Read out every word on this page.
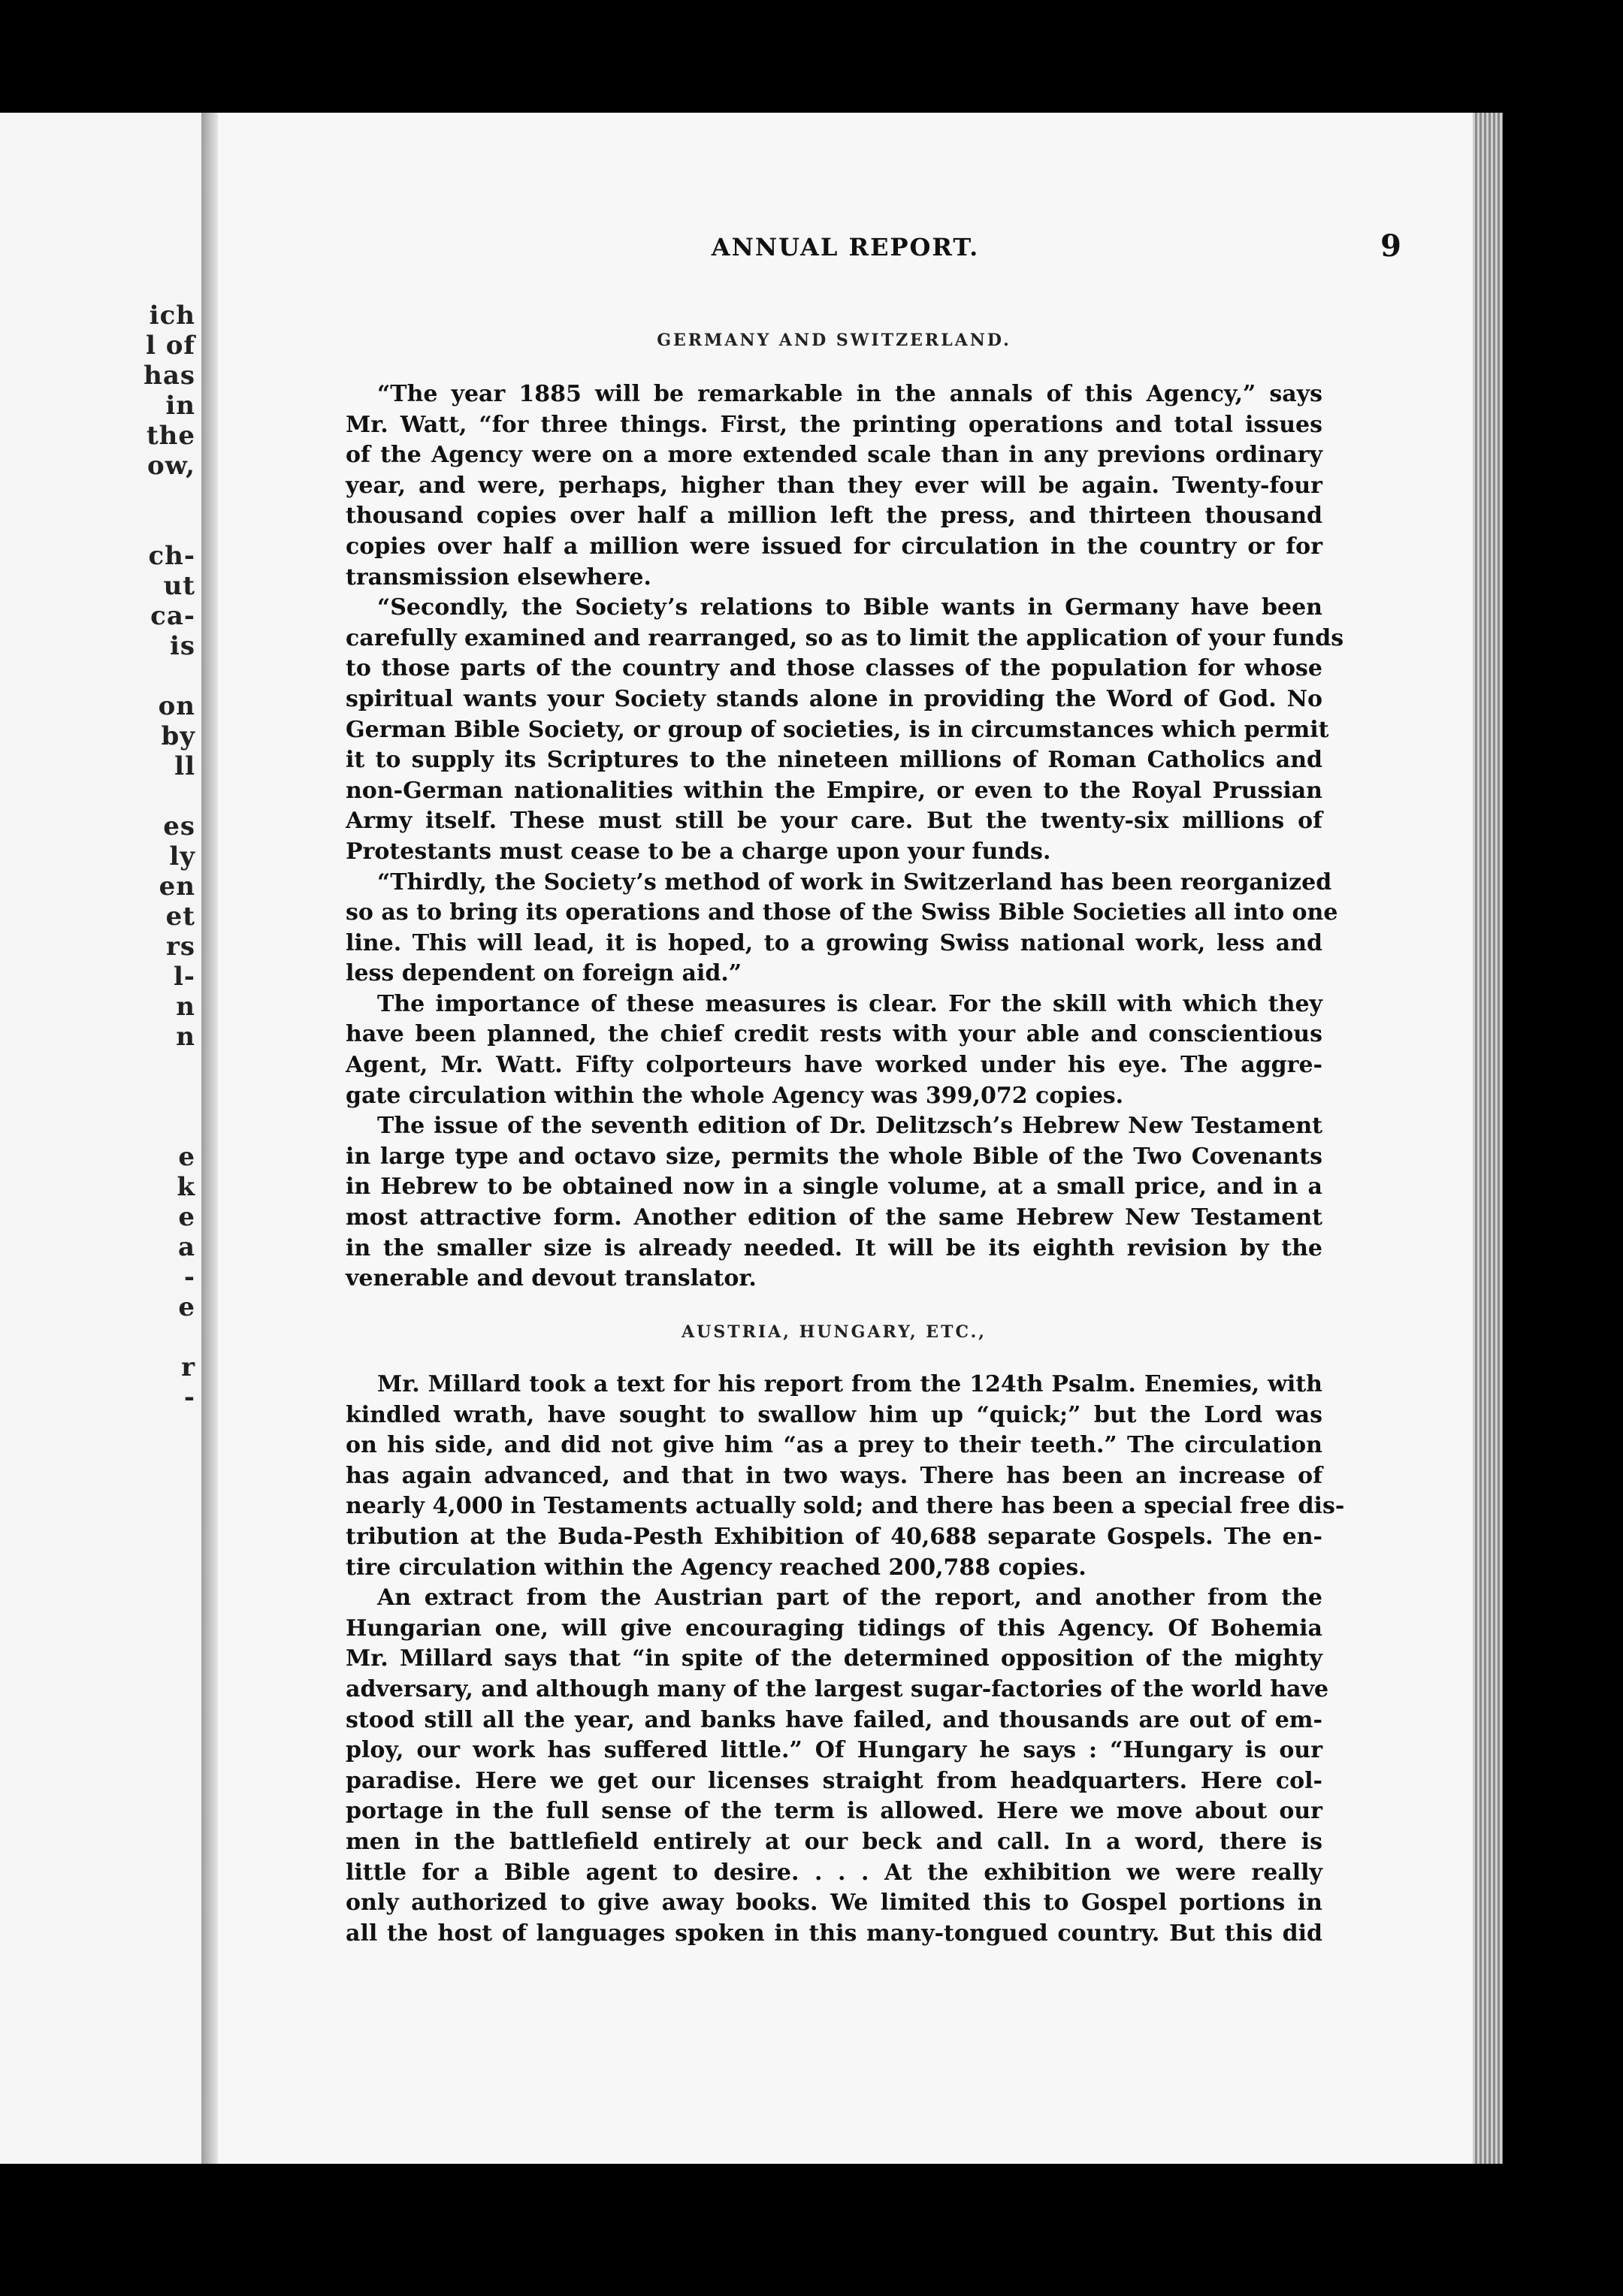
ich
l of
has
in
the
ow,
ch-
ut
ca-
is
on
by
ll
es
ly
en
et
rs
l-
n
n
e
k
e
a
-
e
r
-
ANNUAL REPORT.	9
GERMANY AND SWITZERLAND.
“The year 1885 will be remarkable in the annals of this Agency,” says
Mr. Watt, “for three things. First, the printing operations and total issues
of the Agency were on a more extended scale than in any previons ordinary
year, and were, perhaps, higher than they ever will be again. Twenty-four
thousand copies over half a million left the press, and thirteen thousand
copies over half a million were issued for circulation in the country or for
transmission elsewhere.
“Secondly, the Society’s relations to Bible wants in Germany have been
carefully examined and rearranged, so as to limit the application of your funds
to those parts of the country and those classes of the population for whose
spiritual wants your Society stands alone in providing the Word of God. No
German Bible Society, or group of societies, is in circumstances which permit
it to supply its Scriptures to the nineteen millions of Roman Catholics and
non-German nationalities within the Empire, or even to the Royal Prussian
Army itself. These must still be your care. But the twenty-six millions of
Protestants must cease to be a charge upon your funds.
“Thirdly, the Society’s method of work in Switzerland has been reorganized
so as to bring its operations and those of the Swiss Bible Societies all into one
line. This will lead, it is hoped, to a growing Swiss national work, less and
less dependent on foreign aid.”
The importance of these measures is clear. For the skill with which they
have been planned, the chief credit rests with your able and conscientious
Agent, Mr. Watt. Fifty colporteurs have worked under his eye. The aggre-
gate circulation within the whole Agency was 399,072 copies.
The issue of the seventh edition of Dr. Delitzsch’s Hebrew New Testament
in large type and octavo size, permits the whole Bible of the Two Covenants
in Hebrew to be obtained now in a single volume, at a small price, and in a
most attractive form. Another edition of the same Hebrew New Testament
in the smaller size is already needed. It will be its eighth revision by the
venerable and devout translator.
AUSTRIA, HUNGARY, ETC.,
Mr. Millard took a text for his report from the 124th Psalm. Enemies, with
kindled wrath, have sought to swallow him up “quick;” but the Lord was
on his side, and did not give him “as a prey to their teeth.” The circulation
has again advanced, and that in two ways. There has been an increase of
nearly 4,000 in Testaments actually sold; and there has been a special free dis-
tribution at the Buda-Pesth Exhibition of 40,688 separate Gospels. The en-
tire circulation within the Agency reached 200,788 copies.
An extract from the Austrian part of the report, and another from the
Hungarian one, will give encouraging tidings of this Agency. Of Bohemia
Mr. Millard says that “in spite of the determined opposition of the mighty
adversary, and although many of the largest sugar-factories of the world have
stood still all the year, and banks have failed, and thousands are out of em-
ploy, our work has suffered little.” Of Hungary he says : “Hungary is our
paradise. Here we get our licenses straight from headquarters. Here col-
portage in the full sense of the term is allowed. Here we move about our
men in the battlefield entirely at our beck and call. In a word, there is
little for a Bible agent to desire. . . . At the exhibition we were really
only authorized to give away books. We limited this to Gospel portions in
all the host of languages spoken in this many-tongued country. But this did
